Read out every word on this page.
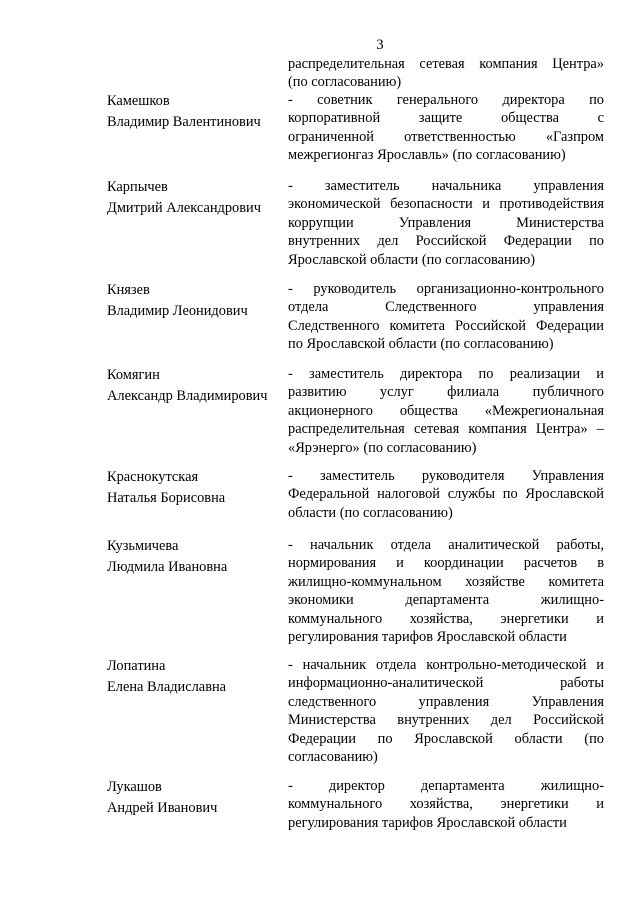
3
распределительная сетевая компания Центра»
(по согласованию)
Камешков
Владимир Валентинович
- советник генерального директора по
корпоративной защите общества с
ограниченной ответственностью «Газпром
межрегионгаз Ярославль» (по согласованию)
Карпычев
Дмитрий Александрович
- заместитель начальника управления
экономической безопасности и противодействия
коррупции Управления Министерства
внутренних дел Российской Федерации по
Ярославской области (по согласованию)
Князев
Владимир Леонидович
- руководитель организационно-контрольного
отдела Следственного управления
Следственного комитета Российской Федерации
по Ярославской области (по согласованию)
Комягин
Александр Владимирович
- заместитель директора по реализации и
развитию услуг филиала публичного
акционерного общества «Межрегиональная
распределительная сетевая компания Центра» –
«Ярэнерго» (по согласованию)
Краснокутская
Наталья Борисовна
- заместитель руководителя Управления
Федеральной налоговой службы по Ярославской
области (по согласованию)
Кузьмичева
Людмила Ивановна
- начальник отдела аналитической работы,
нормирования и координации расчетов в
жилищно-коммунальном хозяйстве комитета
экономики департамента жилищно-
коммунального хозяйства, энергетики и
регулирования тарифов Ярославской области
Лопатина
Елена Владиславна
- начальник отдела контрольно-методической и
информационно-аналитической работы
следственного управления Управления
Министерства внутренних дел Российской
Федерации по Ярославской области (по
согласованию)
Лукашов
Андрей Иванович
- директор департамента жилищно-
коммунального хозяйства, энергетики и
регулирования тарифов Ярославской области
